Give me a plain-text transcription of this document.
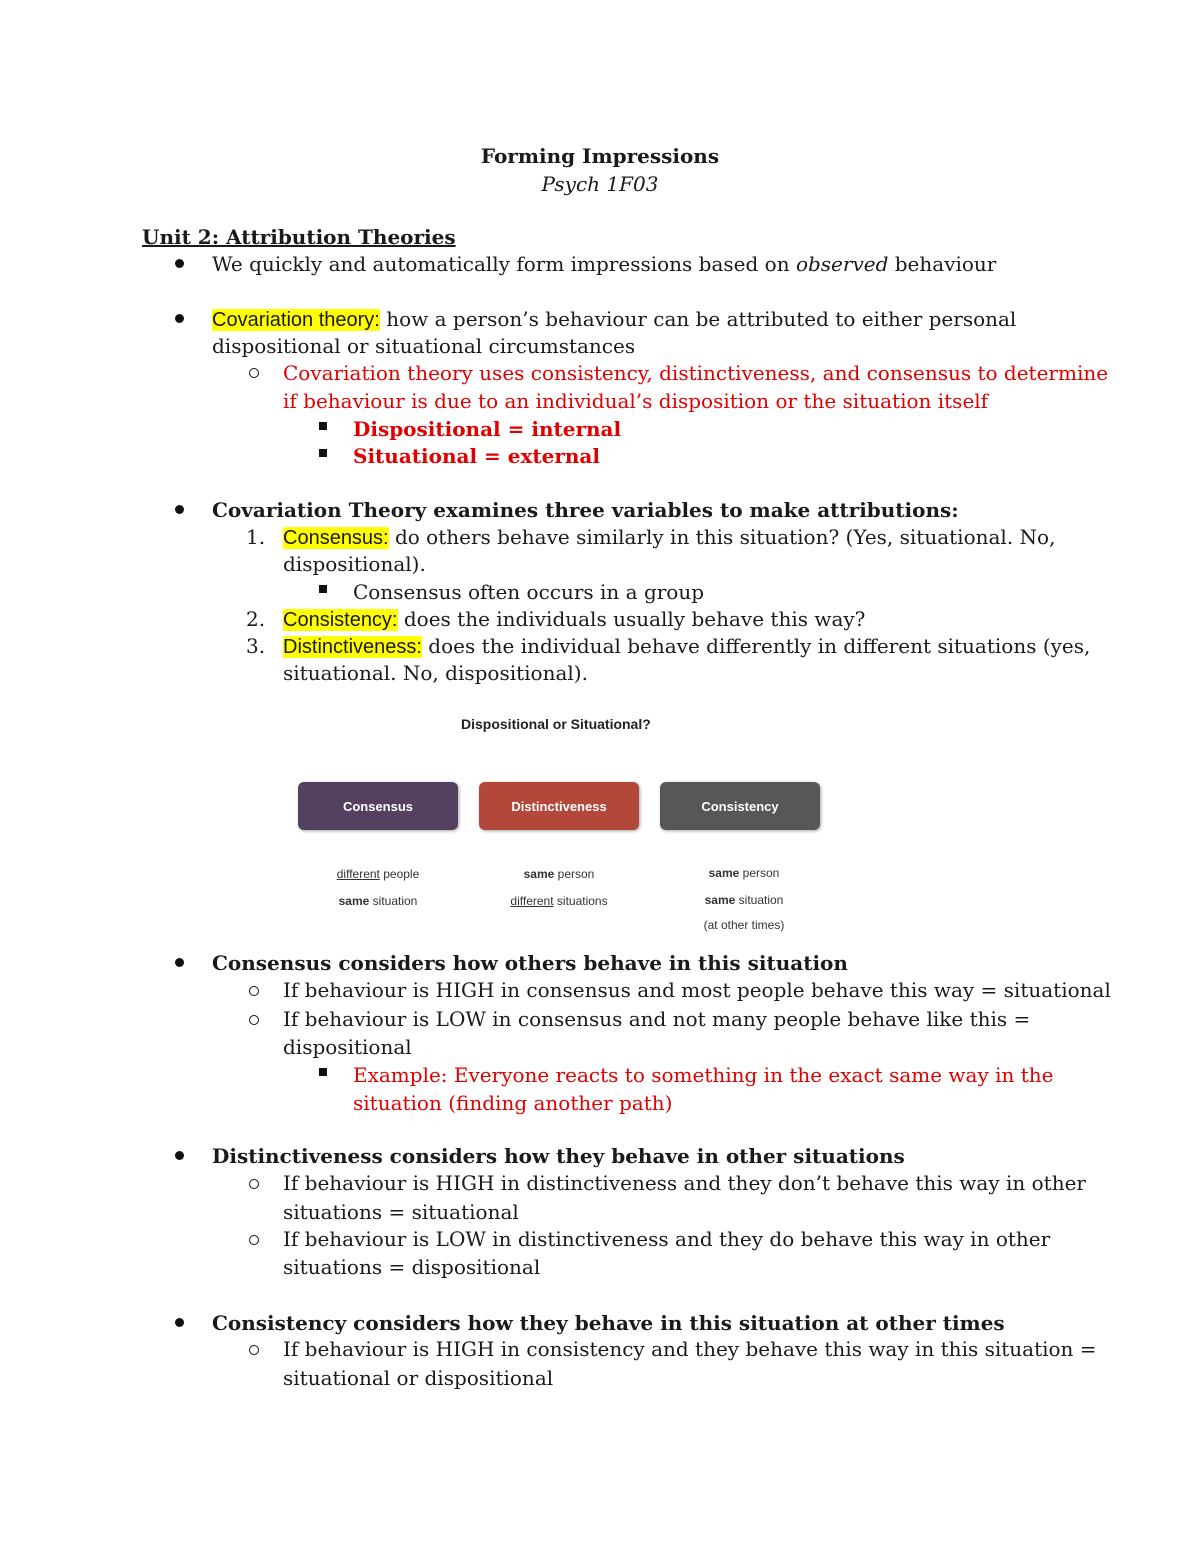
Forming Impressions
Psych 1F03
Unit 2: Attribution Theories
We quickly and automatically form impressions based on observed behaviour
Covariation theory: how a person’s behaviour can be attributed to either personal
dispositional or situational circumstances
Covariation theory uses consistency, distinctiveness, and consensus to determine
if behaviour is due to an individual’s disposition or the situation itself
Dispositional = internal
Situational = external
Covariation Theory examines three variables to make attributions:
1. Consensus: do others behave similarly in this situation? (Yes, situational. No,
dispositional).
Consensus often occurs in a group
2. Consistency: does the individuals usually behave this way?
3. Distinctiveness: does the individual behave differently in different situations (yes,
situational. No, dispositional).
Dispositional or Situational?
Consensus	Distinctiveness	Consistency
different people
same situation
same person
different situations
same person
same situation
(at other times)
Consensus considers how others behave in this situation
If behaviour is HIGH in consensus and most people behave this way = situational
If behaviour is LOW in consensus and not many people behave like this =
dispositional
Example: Everyone reacts to something in the exact same way in the
situation (finding another path)
Distinctiveness considers how they behave in other situations
If behaviour is HIGH in distinctiveness and they don’t behave this way in other
situations = situational
If behaviour is LOW in distinctiveness and they do behave this way in other
situations = dispositional
Consistency considers how they behave in this situation at other times
If behaviour is HIGH in consistency and they behave this way in this situation =
situational or dispositional
